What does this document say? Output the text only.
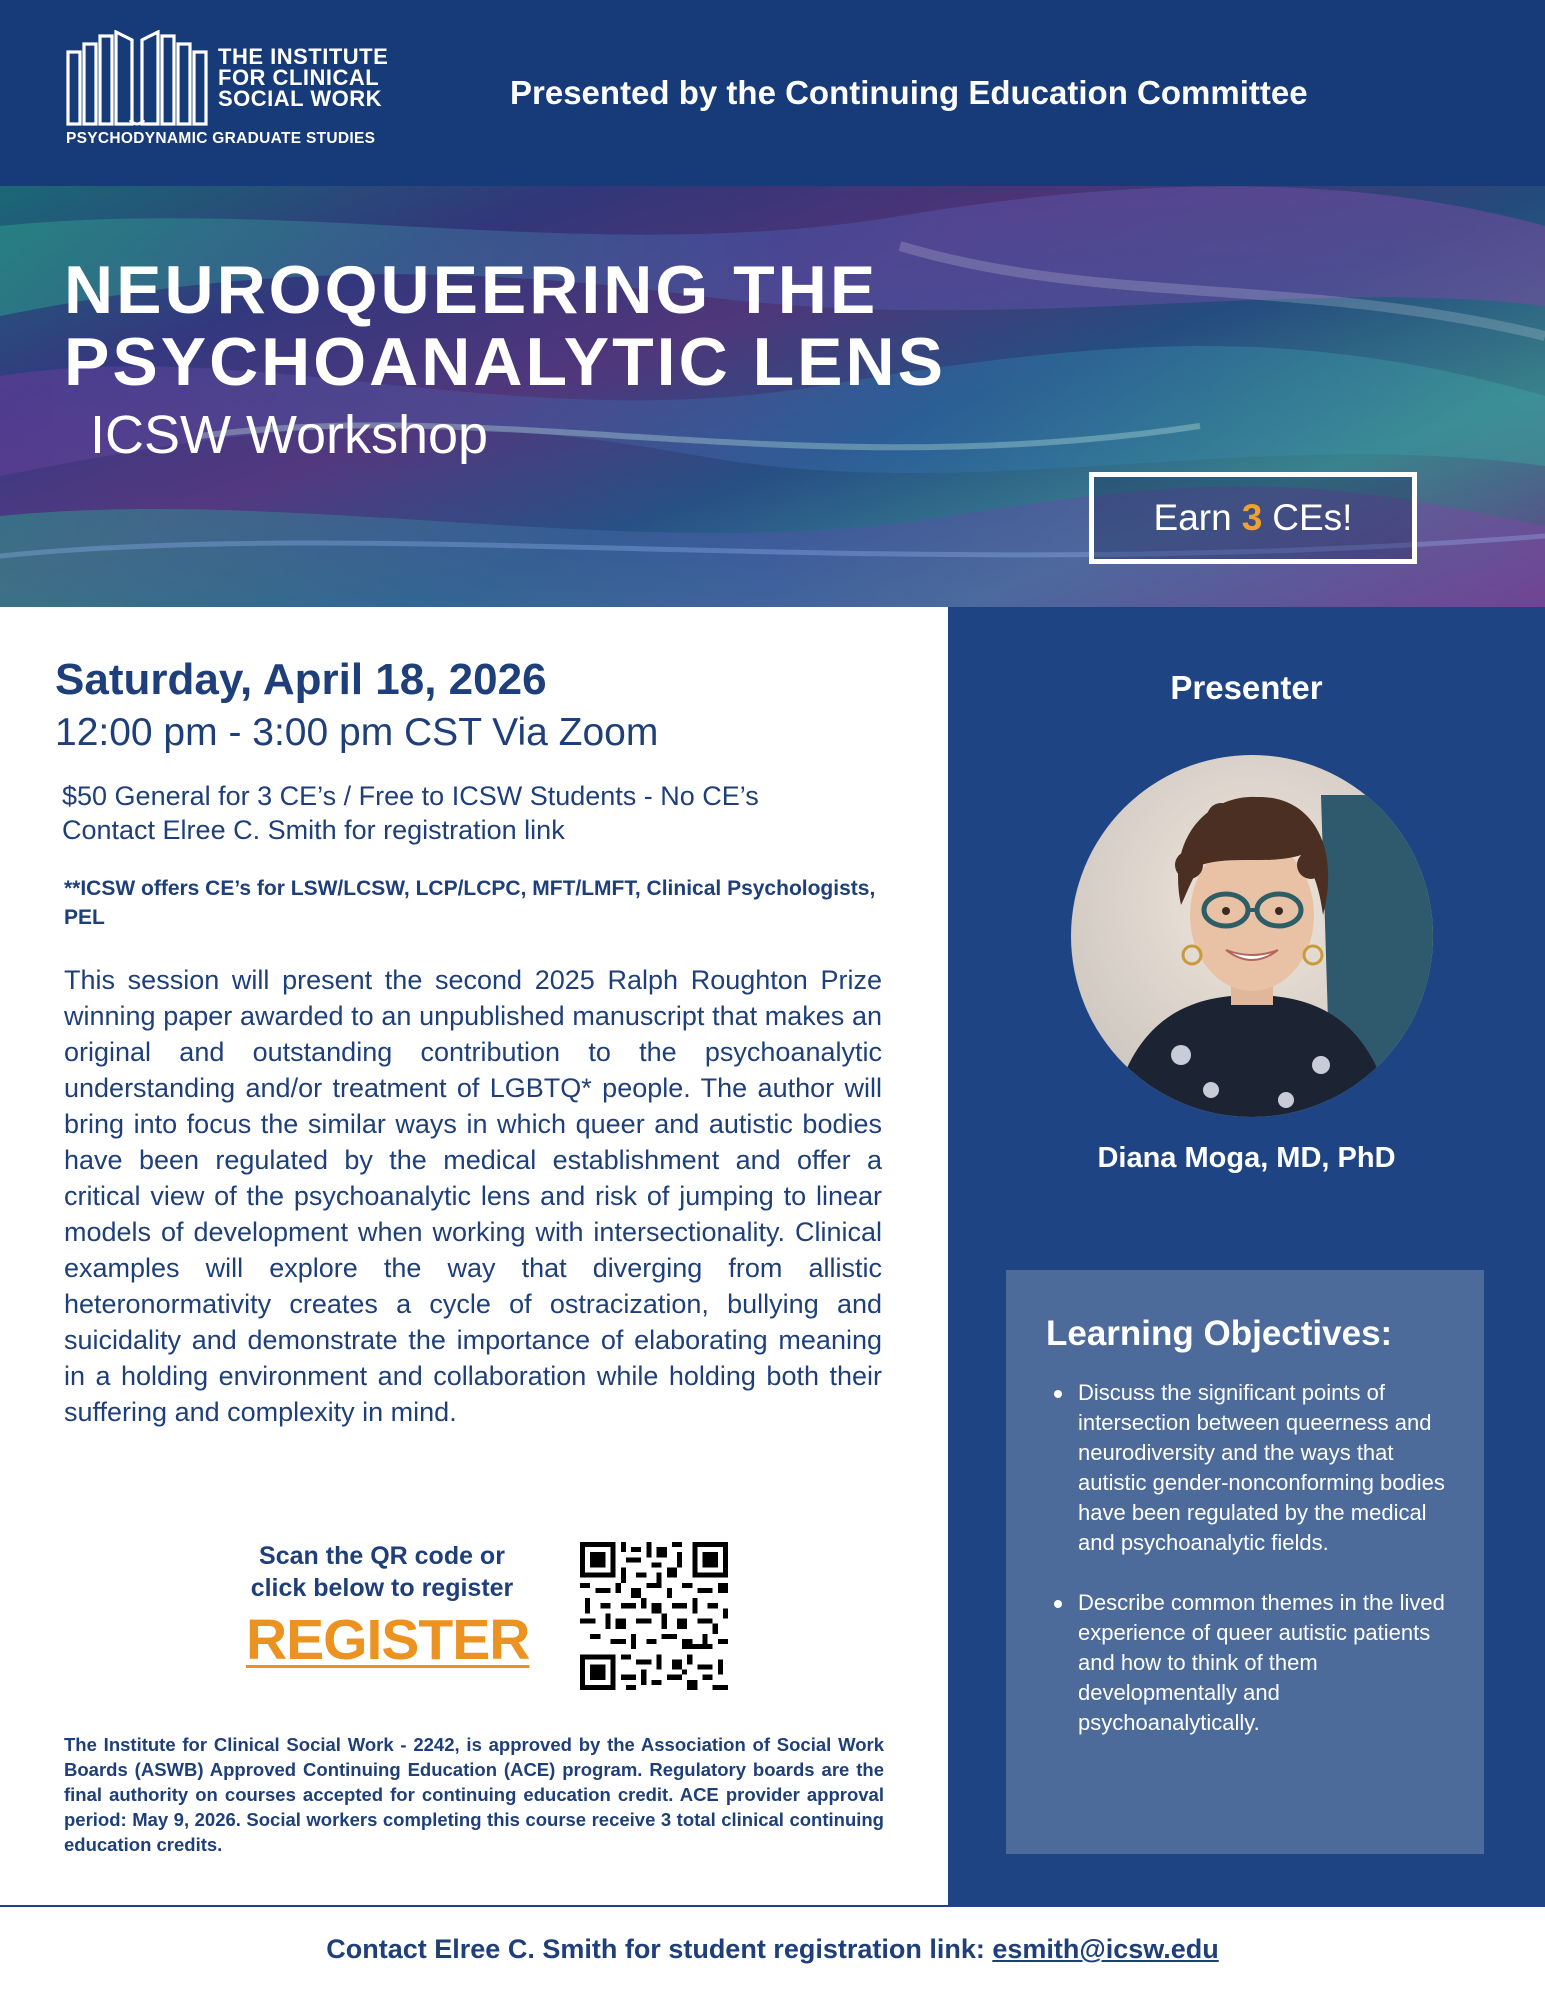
THE INSTITUTE
FOR CLINICAL
SOCIAL WORK
PSYCHODYNAMIC GRADUATE STUDIES
Presented by the Continuing Education Committee
NEUROQUEERING THE
PSYCHOANALYTIC LENS
ICSW Workshop
Earn 3 CEs!
Saturday, April 18, 2026
12:00 pm - 3:00 pm CST Via Zoom
$50 General for 3 CE’s / Free to ICSW Students - No CE’s
Contact Elree C. Smith for registration link
**ICSW offers CE’s for LSW/LCSW, LCP/LCPC, MFT/LMFT, Clinical Psychologists, PEL
This session will present the second 2025 Ralph Roughton Prize winning paper awarded to an unpublished manuscript that makes an original and outstanding contribution to the psychoanalytic understanding and/or treatment of LGBTQ* people. The author will bring into focus the similar ways in which queer and autistic bodies have been regulated by the medical establishment and offer a critical view of the psychoanalytic lens and risk of jumping to linear models of development when working with intersectionality. Clinical examples will explore the way that diverging from allistic heteronormativity creates a cycle of ostracization, bullying and suicidality and demonstrate the importance of elaborating meaning in a holding environment and collaboration while holding both their suffering and complexity in mind.
Scan the QR code or
click below to register
REGISTER
The Institute for Clinical Social Work - 2242, is approved by the Association of Social Work Boards (ASWB) Approved Continuing Education (ACE) program. Regulatory boards are the final authority on courses accepted for continuing education credit. ACE provider approval period: May 9, 2026. Social workers completing this course receive 3 total clinical continuing education credits.
Presenter
Diana Moga, MD, PhD
Learning Objectives:
Discuss the significant points of intersection between queerness and neurodiversity and the ways that autistic gender-nonconforming bodies have been regulated by the medical and psychoanalytic fields.
Describe common themes in the lived experience of queer autistic patients and how to think of them developmentally and psychoanalytically.
Contact Elree C. Smith for student registration link: esmith@icsw.edu
